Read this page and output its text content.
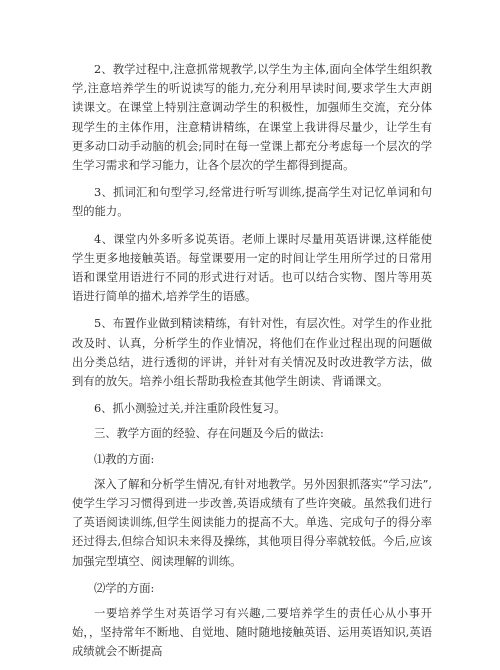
2、教学过程中,注意抓常规教学,以学生为主体,面向全体学生组织教学,注意培养学生的听说读写的能力,充分利用早读时间,要求学生大声朗读课文。在课堂上特别注意调动学生的积极性，加强师生交流，充分体现学生的主体作用，注意精讲精练，在课堂上我讲得尽量少，让学生有更多动口动手动脑的机会;同时在每一堂课上都充分考虑每一个层次的学生学习需求和学习能力，让各个层次的学生都得到提高。

3、抓词汇和句型学习,经常进行听写训练,提高学生对记忆单词和句型的能力。

4、课堂内外多听多说英语。老师上课时尽量用英语讲课,这样能使学生更多地接触英语。每堂课要用一定的时间让学生用所学过的日常用语和课堂用语进行不同的形式进行对话。也可以结合实物、图片等用英语进行简单的描术,培养学生的语感。

5、布置作业做到精读精练，有针对性，有层次性。对学生的作业批改及时、认真，分析学生的作业情况，将他们在作业过程出现的问题做出分类总结，进行透彻的评讲，并针对有关情况及时改进教学方法，做到有的放矢。培养小组长帮助我检查其他学生朗读、背诵课文。

6、抓小测验过关,并注重阶段性复习。

三、教学方面的经验、存在问题及今后的做法:

⑴教的方面:

深入了解和分析学生情况,有针对地教学。另外因狠抓落实“学习法”,使学生学习习惯得到进一步改善,英语成绩有了些许突破。虽然我们进行了英语阅读训练,但学生阅读能力的提高不大。单选、完成句子的得分率还过得去,但综合知识未来得及操练，其他项目得分率就较低。今后,应该加强完型填空、阅读理解的训练。

⑵学的方面:

一要培养学生对英语学习有兴趣,二要培养学生的责任心从小事开始，，坚持常年不断地、自觉地、随时随地接触英语、运用英语知识,英语成绩就会不断提高
